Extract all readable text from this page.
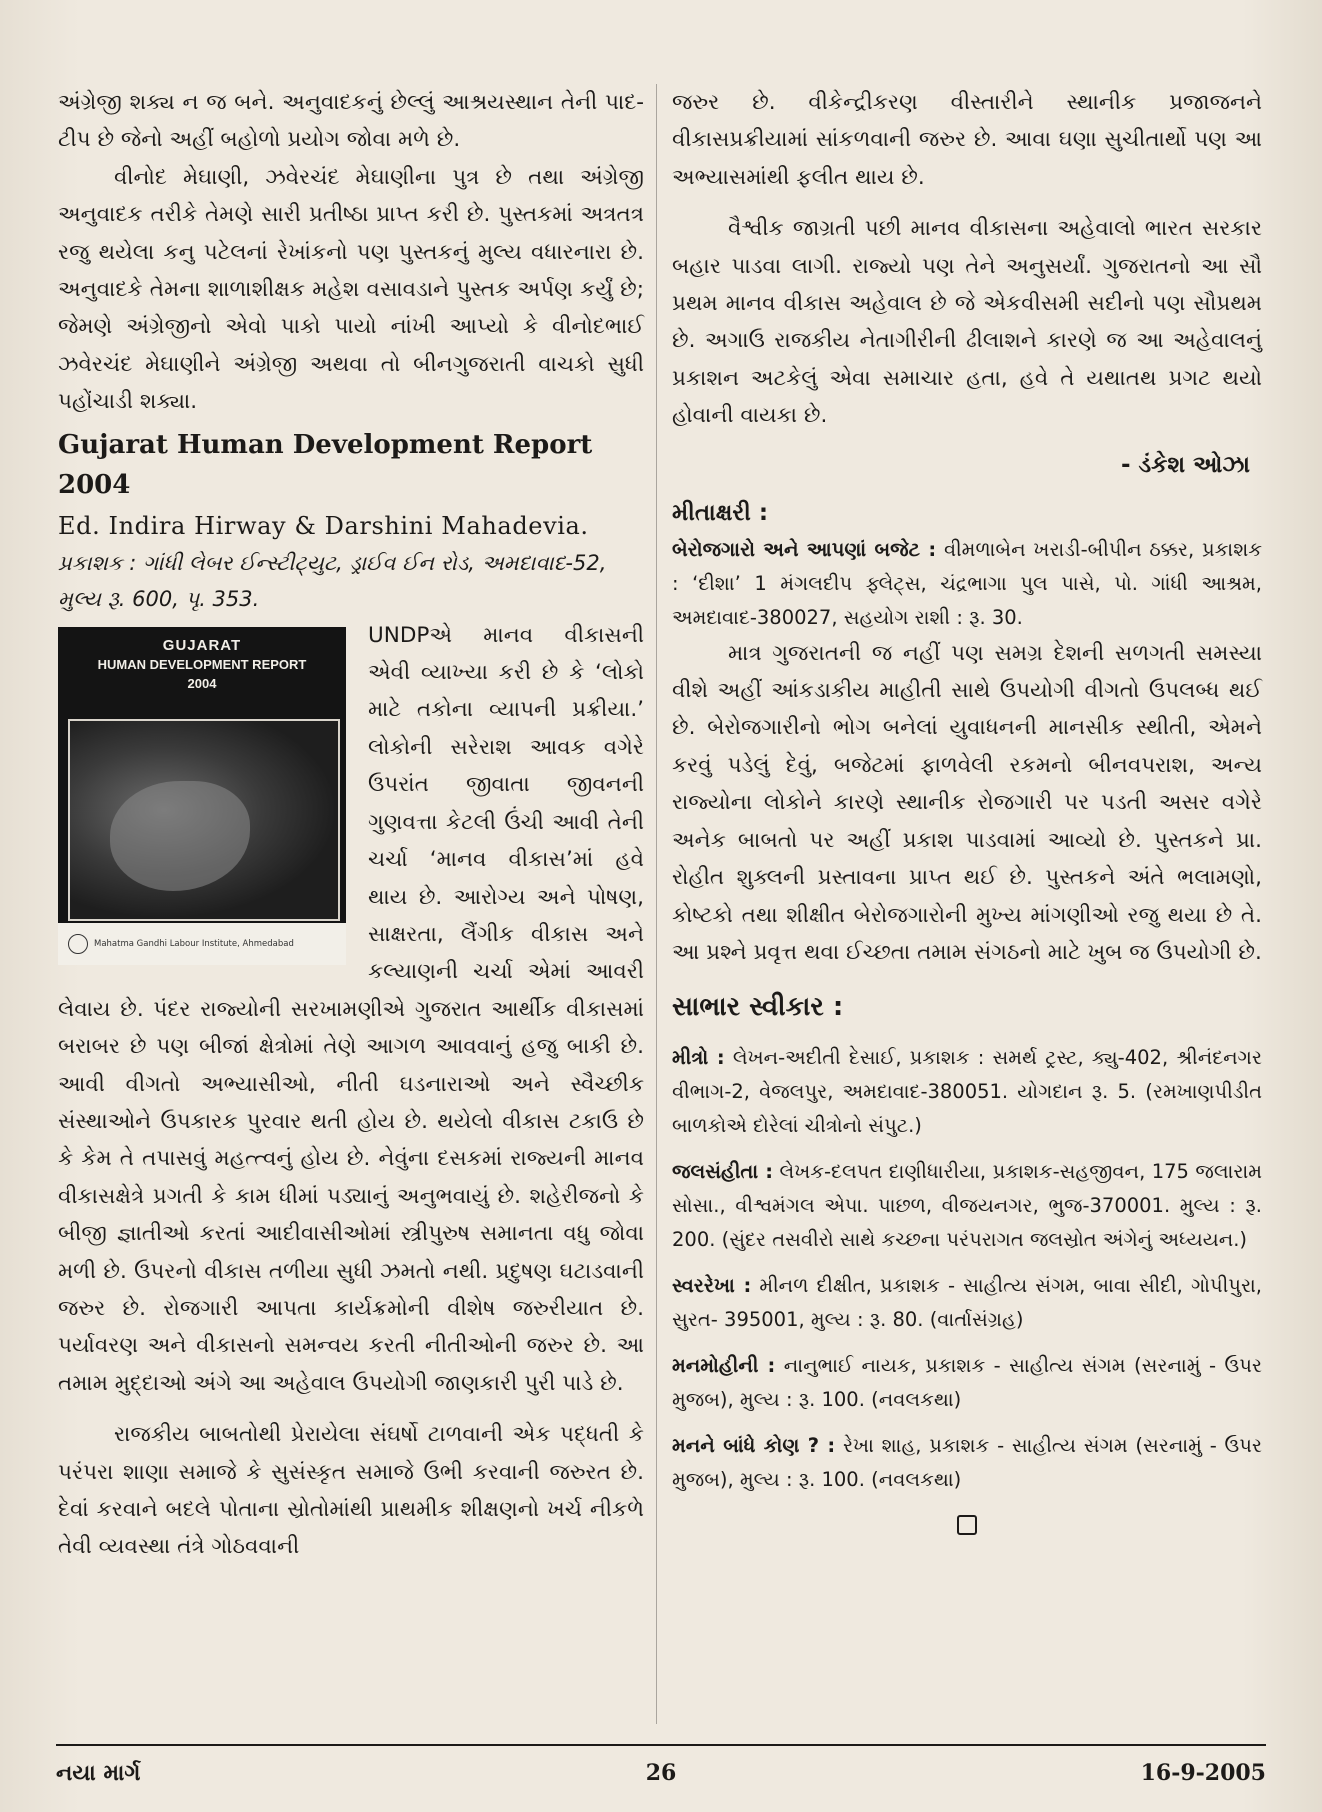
અંગ્રેજી શક્ય ન જ બને. અનુવાદકનું છેલ્લું આશ્રયસ્થાન તેની પાદ-ટીપ છે જેનો અહીં બહોળો પ્રયોગ જોવા મળે છે.

વીનોદ મેઘાણી, ઝવેરચંદ મેઘાણીના પુત્ર છે તથા અંગ્રેજી અનુવાદક તરીકે તેમણે સારી પ્રતીષ્ઠા પ્રાપ્ત કરી છે. પુસ્તકમાં અત્રતત્ર રજુ થયેલા કનુ પટેલનાં રેખાંકનો પણ પુસ્તકનું મુલ્ય વધારનારા છે. અનુવાદકે તેમના શાળાશીક્ષક મહેશ વસાવડાને પુસ્તક અર્પણ કર્યું છે; જેમણે અંગ્રેજીનો એવો પાકો પાયો નાંખી આપ્યો કે વીનોદભાઈ ઝવેરચંદ મેઘાણીને અંગ્રેજી અથવા તો બીનગુજરાતી વાચકો સુધી પહોંચાડી શક્યા.

Gujarat Human Development Report 2004
Ed. Indira Hirway & Darshini Mahadevia.
પ્રકાશક : ગાંધી લેબર ઈન્સ્ટીટ્યુટ, ડ્રાઈવ ઈન રોડ, અમદાવાદ-52, મુલ્ય રૂ. 600, પૃ. 353.
GUJARAT
HUMAN DEVELOPMENT REPORT
2004
Mahatma Gandhi Labour Institute, Ahmedabad

UNDPએ માનવ વીકાસની એવી વ્યાખ્યા કરી છે કે ‘લોકો માટે તકોના વ્યાપની પ્રક્રીયા.’ લોકોની સરેરાશ આવક વગેરે ઉપરાંત જીવાતા જીવનની ગુણવત્તા કેટલી ઉંચી આવી તેની ચર્ચા ‘માનવ વીકાસ’માં હવે થાય છે. આરોગ્ય અને પોષણ, સાક્ષરતા, લૈંગીક વીકાસ અને કલ્યાણની ચર્ચા એમાં આવરી લેવાય છે. પંદર રાજ્યોની સરખામણીએ ગુજરાત આર્થીક વીકાસમાં બરાબર છે પણ બીજાં ક્ષેત્રોમાં તેણે આગળ આવવાનું હજુ બાકી છે. આવી વીગતો અભ્યાસીઓ, નીતી ઘડનારાઓ અને સ્વૈચ્છીક સંસ્થાઓને ઉપકારક પુરવાર થતી હોય છે. થયેલો વીકાસ ટકાઉ છે કે કેમ તે તપાસવું મહત્ત્વનું હોય છે. નેવુંના દસકમાં રાજ્યની માનવ વીકાસક્ષેત્રે પ્રગતી કે કામ ધીમાં પડ્યાનું અનુભવાયું છે. શહેરીજનો કે બીજી જ્ઞાતીઓ કરતાં આદીવાસીઓમાં સ્ત્રીપુરુષ સમાનતા વધુ જોવા મળી છે. ઉપરનો વીકાસ તળીયા સુધી ઝમતો નથી. પ્રદુષણ ઘટાડવાની જરુર છે. રોજગારી આપતા કાર્યક્રમોની વીશેષ જરુરીયાત છે. પર્યાવરણ અને વીકાસનો સમન્વય કરતી નીતીઓની જરુર છે. આ તમામ મુદ્દાઓ અંગે આ અહેવાલ ઉપયોગી જાણકારી પુરી પાડે છે.

રાજકીય બાબતોથી પ્રેરાયેલા સંઘર્ષો ટાળવાની એક પદ્ધતી કે પરંપરા શાણા સમાજે કે સુસંસ્કૃત સમાજે ઉભી કરવાની જરુરત છે. દેવાં કરવાને બદલે પોતાના સ્રોતોમાંથી પ્રાથમીક શીક્ષણનો ખર્ચ નીકળે તેવી વ્યવસ્થા તંત્રે ગોઠવવાની

જરુર છે. વીકેન્દ્રીકરણ વીસ્તારીને સ્થાનીક પ્રજાજનને વીકાસપ્રક્રીયામાં સાંકળવાની જરુર છે. આવા ઘણા સુચીતાર્થો પણ આ અભ્યાસમાંથી ફલીત થાય છે.

વૈશ્વીક જાગ્રતી પછી માનવ વીકાસના અહેવાલો ભારત સરકાર બહાર પાડવા લાગી. રાજ્યો પણ તેને અનુસર્યાં. ગુજરાતનો આ સૌ પ્રથમ માનવ વીકાસ અહેવાલ છે જે એકવીસમી સદીનો પણ સૌપ્રથમ છે. અગાઉ રાજકીય નેતાગીરીની ઢીલાશને કારણે જ આ અહેવાલનું પ્રકાશન અટકેલું એવા સમાચાર હતા, હવે તે યથાતથ પ્રગટ થયો હોવાની વાયકા છે.

- ડંકેશ ઓઝા
મીતાક્ષરી :

બેરોજગારો અને આપણાં બજેટ : વીમળાબેન ખરાડી-બીપીન ઠક્કર, પ્રકાશક : ‘દીશા’ 1 મંગલદીપ ફ્લેટ્સ, ચંદ્રભાગા પુલ પાસે, પો. ગાંધી આશ્રમ, અમદાવાદ-380027, સહયોગ રાશી : રૂ. 30.

માત્ર ગુજરાતની જ નહીં પણ સમગ્ર દેશની સળગતી સમસ્યા વીશે અહીં આંકડાકીય માહીતી સાથે ઉપયોગી વીગતો ઉપલબ્ધ થઈ છે. બેરોજગારીનો ભોગ બનેલાં યુવાધનની માનસીક સ્થીતી, એમને કરવું પડેલું દેવું, બજેટમાં ફાળવેલી રકમનો બીનવપરાશ, અન્ય રાજ્યોના લોકોને કારણે સ્થાનીક રોજગારી પર પડતી અસર વગેરે અનેક બાબતો પર અહીં પ્રકાશ પાડવામાં આવ્યો છે. પુસ્તકને પ્રા. રોહીત શુક્લની પ્રસ્તાવના પ્રાપ્ત થઈ છે. પુસ્તકને અંતે ભલામણો, કોષ્ટકો તથા શીક્ષીત બેરોજગારોની મુખ્ય માંગણીઓ રજુ થયા છે તે. આ પ્રશ્ને પ્રવૃત્ત થવા ઈચ્છતા તમામ સંગઠનો માટે ખુબ જ ઉપયોગી છે.

સાભાર સ્વીકાર :

મીત્રો : લેખન-અદીતી દેસાઈ, પ્રકાશક : સમર્થ ટ્રસ્ટ, ક્યુ-402, શ્રીનંદનગર વીભાગ-2, વેજલપુર, અમદાવાદ-380051. યોગદાન રૂ. 5. (રમખાણપીડીત બાળકોએ દોરેલાં ચીત્રોનો સંપુટ.)

જલસંહીતા : લેખક-દલપત દાણીધારીયા, પ્રકાશક-સહજીવન, 175 જલારામ સોસા., વીશ્વમંગલ એપા. પાછળ, વીજયનગર, ભુજ-370001. મુલ્ય : રૂ. 200. (સુંદર તસવીરો સાથે કચ્છના પરંપરાગત જલસ્રોત અંગેનું અધ્યયન.)

સ્વરરેખા : મીનળ દીક્ષીત, પ્રકાશક - સાહીત્ય સંગમ, બાવા સીદી, ગોપીપુરા, સુરત- 395001, મુલ્ય : રૂ. 80. (વાર્તાસંગ્રહ)

મનમોહીની : નાનુભાઈ નાયક, પ્રકાશક - સાહીત્ય સંગમ (સરનામું - ઉપર મુજબ), મુલ્ય : રૂ. 100. (નવલકથા)

મનને બાંધે કોણ ? : રેખા શાહ, પ્રકાશક - સાહીત્ય સંગમ (સરનામું - ઉપર મુજબ), મુલ્ય : રૂ. 100. (નવલકથા)

નયા માર્ગ	26	16-9-2005
